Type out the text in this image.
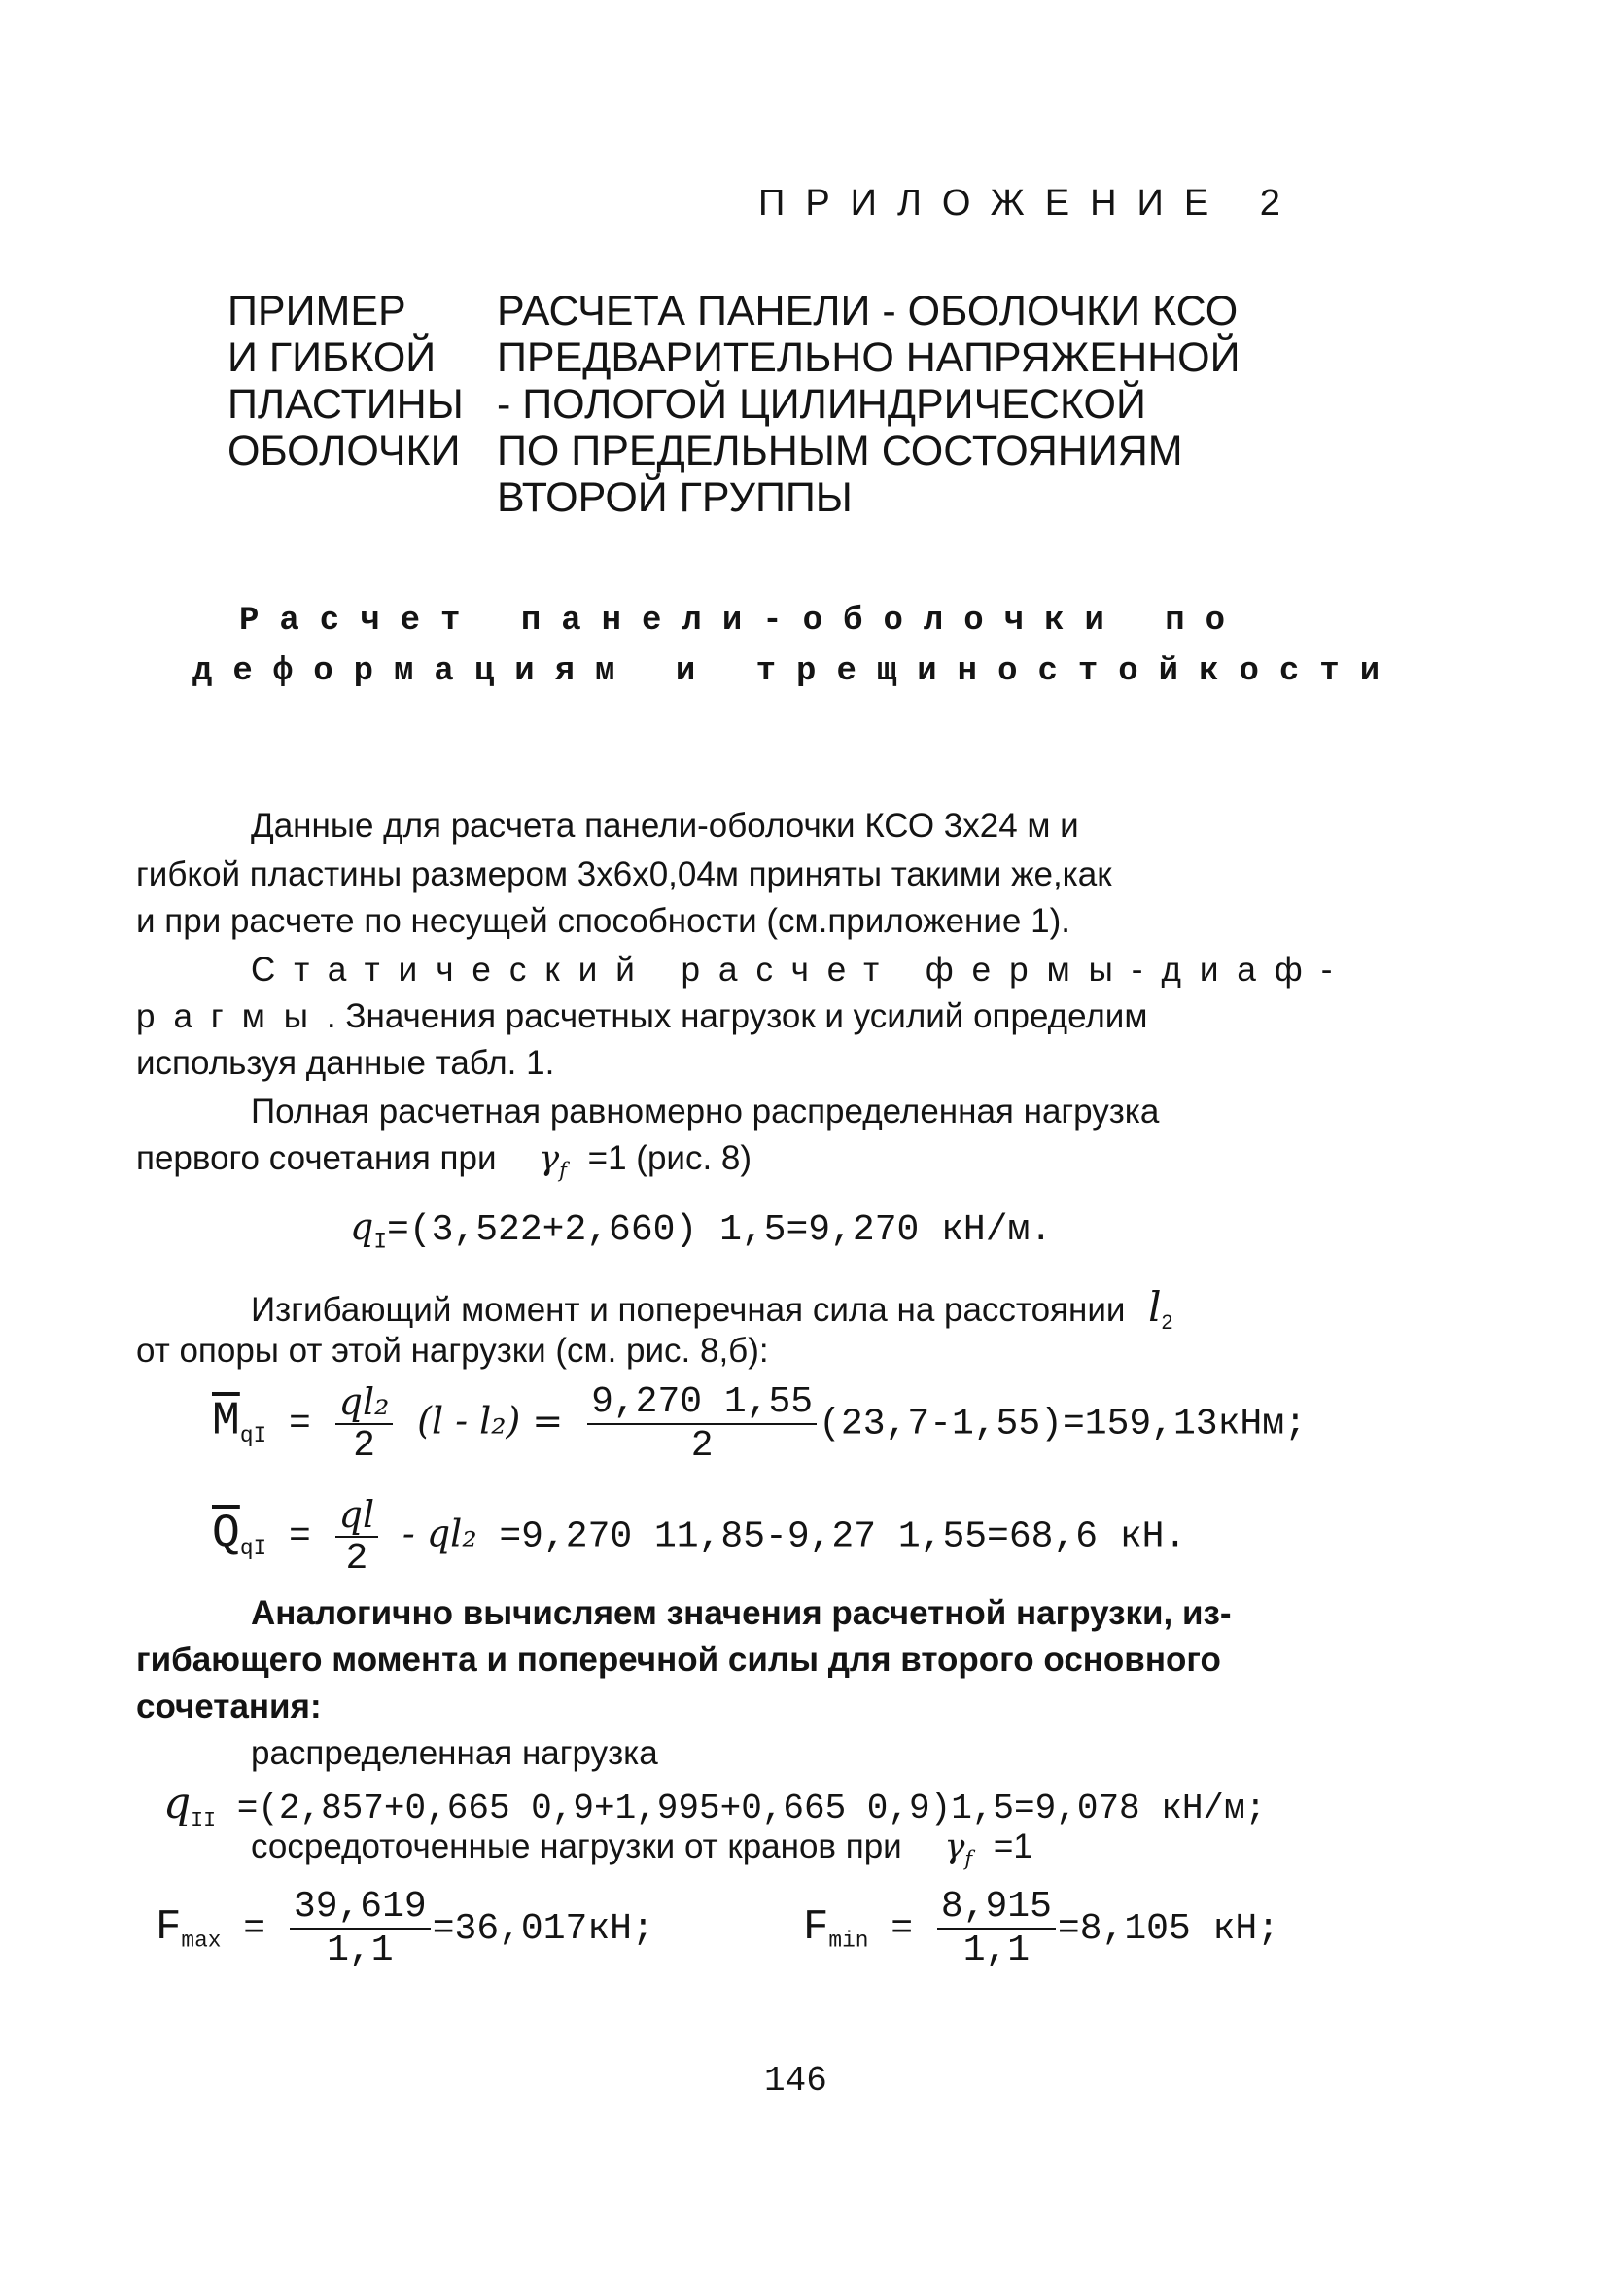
ПРИЛОЖЕНИЕ 2
ПРИМЕР РАСЧЕТА ПАНЕЛИ - ОБОЛОЧКИ КСО
И ГИБКОЙ ПРЕДВАРИТЕЛЬНО НАПРЯЖЕННОЙ
ПЛАСТИНЫ - ПОЛОГОЙ ЦИЛИНДРИЧЕСКОЙ
ОБОЛОЧКИ ПО ПРЕДЕЛЬНЫМ СОСТОЯНИЯМ
ВТОРОЙ ГРУППЫ
Расчет панели-оболочки по
деформациям и трещиностойкости
Данные для расчета панели-оболочки КСО 3х24 м и
гибкой пластины размером 3х6х0,04м приняты такими же,как
и при расчете по несущей способности (см.приложение 1).
Статический расчет фермы-диаф-
рагмы. Значения расчетных нагрузок и усилий определим
используя данные табл. 1.
Полная расчетная равномерно распределенная нагрузка
первого сочетания при $\gamma_f =1$ (рис. 8)
$q_I=(3,522+2,660)$ 1,5=9,270 кН/м.
Изгибающий момент и поперечная сила на расстоянии $l_2$
от опоры от этой нагрузки (см. рис. 8,б):
$\overline{M}_{qI} = \frac{\text{ql₂}}{2} (l - l_2) = \frac{9,270 1,55}{2} (23,7-1,55)=159,13кНм$;
$\overline{Q}_{qI} = \frac{ql}{2} - ql_2 =9,270$ 11,85-9,27 1,55=68,6 кН.
Аналогично вычисляем значения расчетной нагрузки, из-
гибающего момента и поперечной силы для второго основного
сочетания:
распределенная нагрузка
$q_{II} =(2,857+0,665$ 0,9+1,995+0,665 0,9)1,5=9,078 кН/м;
сосредоточенные нагрузки от кранов при $\gamma_f =1$
$F_{max} = \frac{39,619}{1,1} =36,017кН$;	$F_{min} = \frac{8,915}{1,1} =8,105$ кН;
146
